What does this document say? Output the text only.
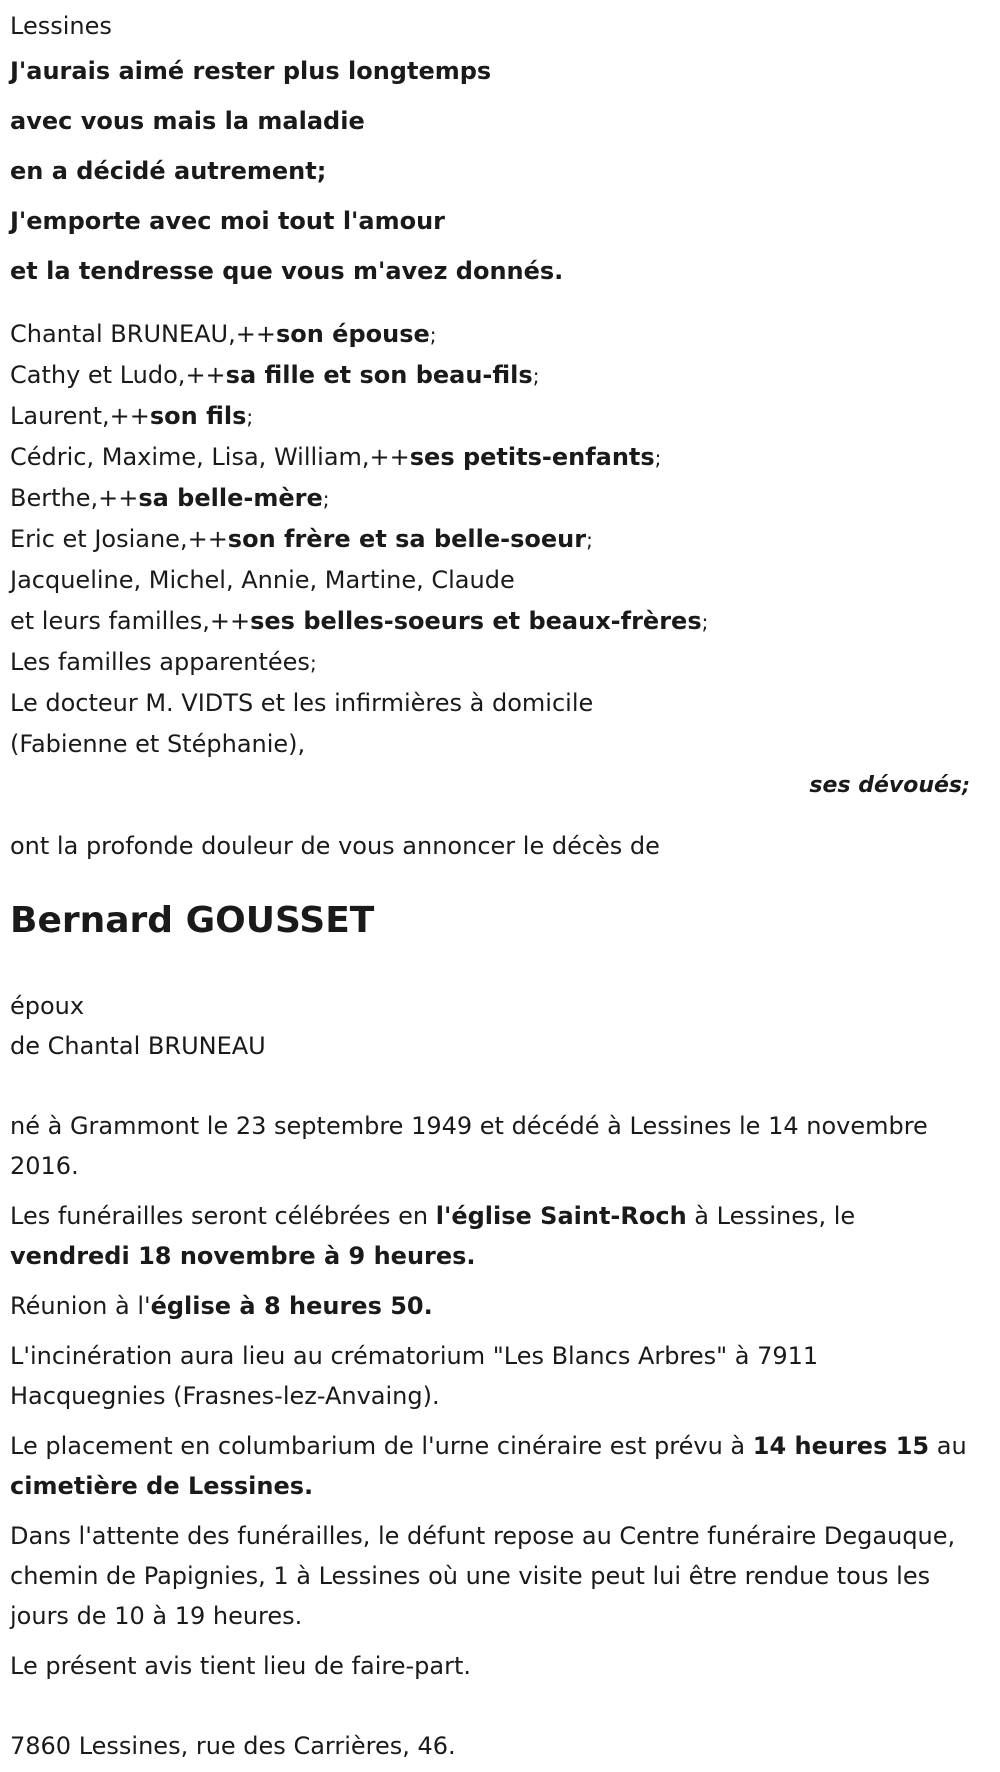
Lessines

J'aurais aimé rester plus longtemps

avec vous mais la maladie

en a décidé autrement;

J'emporte avec moi tout l'amour

et la tendresse que vous m'avez donnés.

Chantal BRUNEAU,++son épouse;

Cathy et Ludo,++sa fille et son beau-fils;

Laurent,++son fils;

Cédric, Maxime, Lisa, William,++ses petits-enfants;

Berthe,++sa belle-mère;

Eric et Josiane,++son frère et sa belle-soeur;

Jacqueline, Michel, Annie, Martine, Claude

et leurs familles,++ses belles-soeurs et beaux-frères;

Les familles apparentées;

Le docteur M. VIDTS et les infirmières à domicile

(Fabienne et Stéphanie),

ses dévoués;

ont la profonde douleur de vous annoncer le décès de

Bernard GOUSSET

époux

de Chantal BRUNEAU

né à Grammont le 23 septembre 1949 et décédé à Lessines le 14 novembre 2016.

Les funérailles seront célébrées en l'église Saint-Roch à Lessines, le vendredi 18 novembre à 9 heures.

Réunion à l'église à 8 heures 50.

L'incinération aura lieu au crématorium "Les Blancs Arbres" à 7911 Hacquegnies (Frasnes-lez-Anvaing).

Le placement en columbarium de l'urne cinéraire est prévu à 14 heures 15 au cimetière de Lessines.

Dans l'attente des funérailles, le défunt repose au Centre funéraire Degauque, chemin de Papignies, 1 à Lessines où une visite peut lui être rendue tous les jours de 10 à 19 heures.

Le présent avis tient lieu de faire-part.

7860 Lessines, rue des Carrières, 46.
